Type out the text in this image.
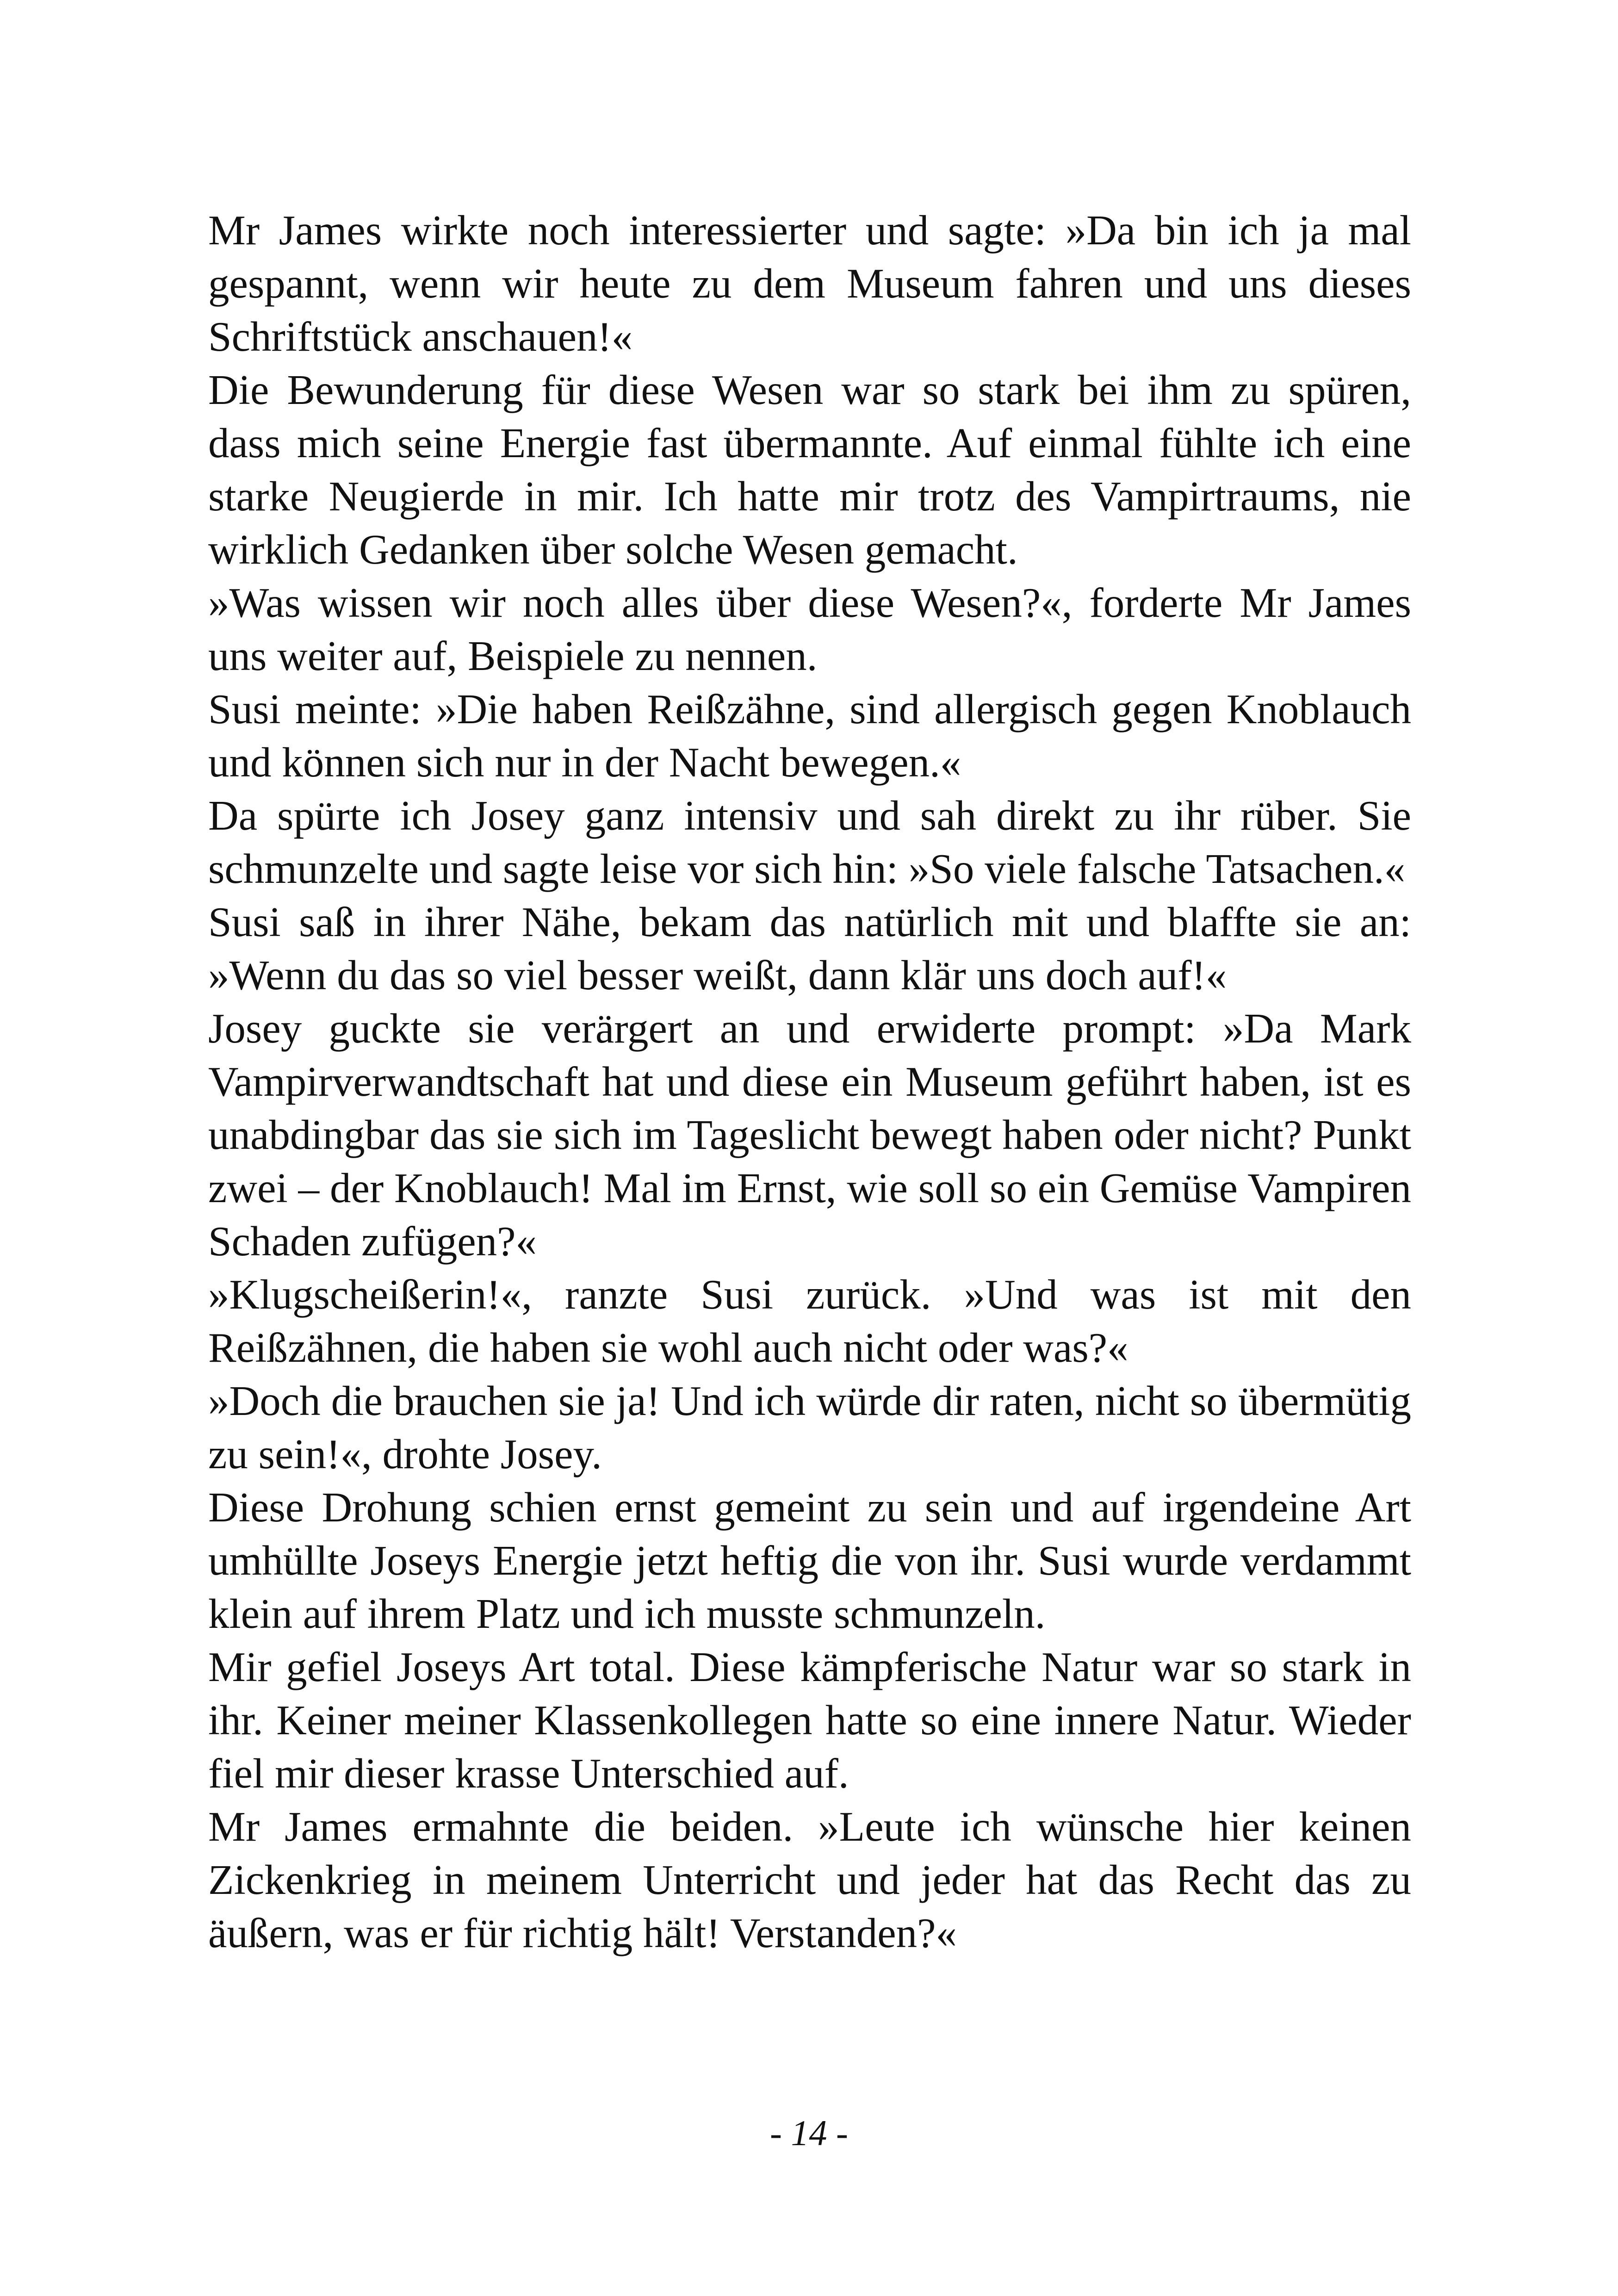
Mr James wirkte noch interessierter und sagte: »Da bin ich ja mal gespannt, wenn wir heute zu dem Museum fahren und uns dieses Schriftstück anschauen!«

Die Bewunderung für diese Wesen war so stark bei ihm zu spüren, dass mich seine Energie fast übermannte. Auf einmal fühlte ich eine starke Neugierde in mir. Ich hatte mir trotz des Vampirtraums, nie wirklich Gedanken über solche Wesen gemacht.

»Was wissen wir noch alles über diese Wesen?«, forderte Mr James uns weiter auf, Beispiele zu nennen.

Susi meinte: »Die haben Reißzähne, sind allergisch gegen Knoblauch und können sich nur in der Nacht bewegen.«

Da spürte ich Josey ganz intensiv und sah direkt zu ihr rüber. Sie schmunzelte und sagte leise vor sich hin: »So viele falsche Tatsachen.«

Susi saß in ihrer Nähe, bekam das natürlich mit und blaffte sie an: »Wenn du das so viel besser weißt, dann klär uns doch auf!«

Josey guckte sie verärgert an und erwiderte prompt: »Da Mark Vampirverwandtschaft hat und diese ein Museum geführt haben, ist es unabdingbar das sie sich im Tageslicht bewegt haben oder nicht? Punkt zwei – der Knoblauch! Mal im Ernst, wie soll so ein Gemüse Vampiren Schaden zufügen?«

»Klugscheißerin!«, ranzte Susi zurück. »Und was ist mit den Reißzähnen, die haben sie wohl auch nicht oder was?«

»Doch die brauchen sie ja! Und ich würde dir raten, nicht so übermütig zu sein!«, drohte Josey.

Diese Drohung schien ernst gemeint zu sein und auf irgendeine Art umhüllte Joseys Energie jetzt heftig die von ihr. Susi wurde verdammt klein auf ihrem Platz und ich musste schmunzeln.

Mir gefiel Joseys Art total. Diese kämpferische Natur war so stark in ihr. Keiner meiner Klassenkollegen hatte so eine innere Natur. Wieder fiel mir dieser krasse Unterschied auf.

Mr James ermahnte die beiden. »Leute ich wünsche hier keinen Zickenkrieg in meinem Unterricht und jeder hat das Recht das zu äußern, was er für richtig hält! Verstanden?«

- 14 -
